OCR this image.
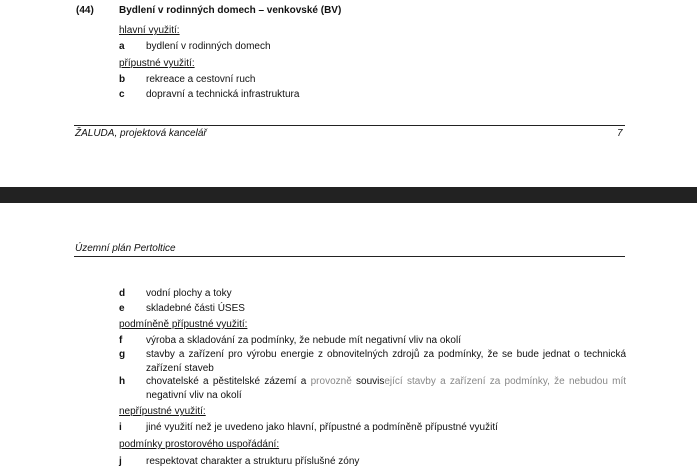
(44)	Bydlení v rodinných domech – venkovské (BV)
hlavní využití:
a bydlení v rodinných domech
přípustné využití:
b rekreace a cestovní ruch
c dopravní a technická infrastruktura
ŽALUDA, projektová kancelář	7
Územní plán Pertoltice
d vodní plochy a toky
e skladebné části ÚSES
podmíněně přípustné využití:
f výroba a skladování za podmínky, že nebude mít negativní vliv na okolí
g stavby a zařízení pro výrobu energie z obnovitelných zdrojů za podmínky, že se bude jednat o technická
zařízení staveb
h chovatelské a pěstitelské zázemí a provozně související stavby a zařízení za podmínky, že nebudou mít
negativní vliv na okolí
nepřípustné využití:
i jiné využití než je uvedeno jako hlavní, přípustné a podmíněně přípustné využití
podmínky prostorového uspořádání:
j respektovat charakter a strukturu příslušné zóny
